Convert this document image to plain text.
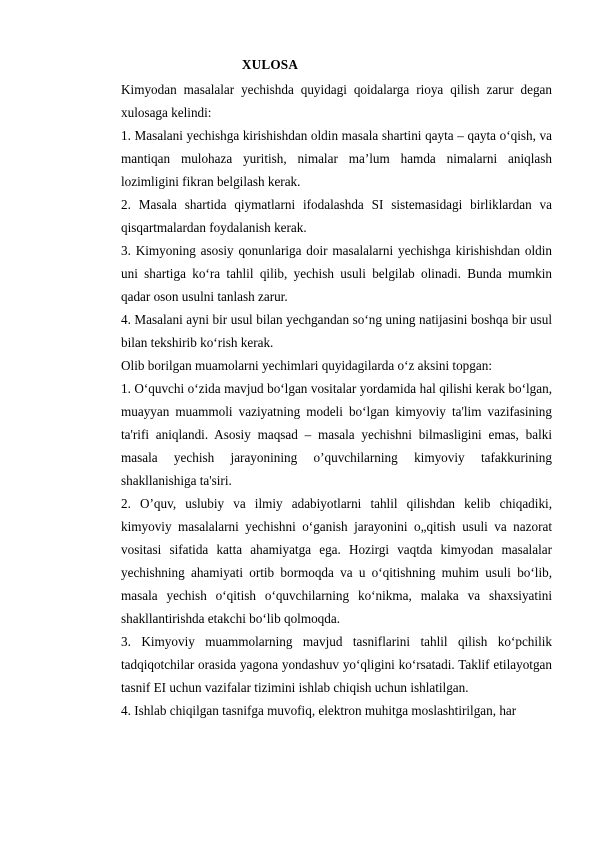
XULOSA

Kimyodan masalalar yechishda quyidagi qoidalarga rioya qilish zarur degan xulosaga kelindi:

1. Masalani yechishga kirishishdan oldin masala shartini qayta – qayta o‘qish, va mantiqan mulohaza yuritish, nimalar ma’lum hamda nimalarni aniqlash lozimligini fikran belgilash kerak.

2. Masala shartida qiymatlarni ifodalashda SI sistemasidagi birliklardan va qisqartmalardan foydalanish kerak.

3. Kimyoning asosiy qonunlariga doir masalalarni yechishga kirishishdan oldin uni shartiga ko‘ra tahlil qilib, yechish usuli belgilab olinadi. Bunda mumkin qadar oson usulni tanlash zarur.

4. Masalani ayni bir usul bilan yechgandan so‘ng uning natijasini boshqa bir usul bilan tekshirib ko‘rish kerak.

Olib borilgan muamolarni yechimlari quyidagilarda o‘z aksini topgan:

1. O‘quvchi o‘zida mavjud bo‘lgan vositalar yordamida hal qilishi kerak bo‘lgan, muayyan muammoli vaziyatning modeli bo‘lgan kimyoviy ta'lim vazifasining ta'rifi aniqlandi. Asosiy maqsad – masala yechishni bilmasligini emas, balki masala yechish jarayonining o’quvchilarning kimyoviy tafakkurining shakllanishiga ta'siri.

2. O’quv, uslubiy va ilmiy adabiyotlarni tahlil qilishdan kelib chiqadiki, kimyoviy masalalarni yechishni o‘ganish jarayonini o„qitish usuli va nazorat vositasi sifatida katta ahamiyatga ega. Hozirgi vaqtda kimyodan masalalar yechishning ahamiyati ortib bormoqda va u o‘qitishning muhim usuli bo‘lib, masala yechish o‘qitish o‘quvchilarning ko‘nikma, malaka va shaxsiyatini shakllantirishda etakchi bo‘lib qolmoqda.

3. Kimyoviy muammolarning mavjud tasniflarini tahlil qilish ko‘pchilik tadqiqotchilar orasida yagona yondashuv yo‘qligini ko‘rsatadi. Taklif etilayotgan tasnif EI uchun vazifalar tizimini ishlab chiqish uchun ishlatilgan.

4. Ishlab chiqilgan tasnifga muvofiq, elektron muhitga moslashtirilgan, har
